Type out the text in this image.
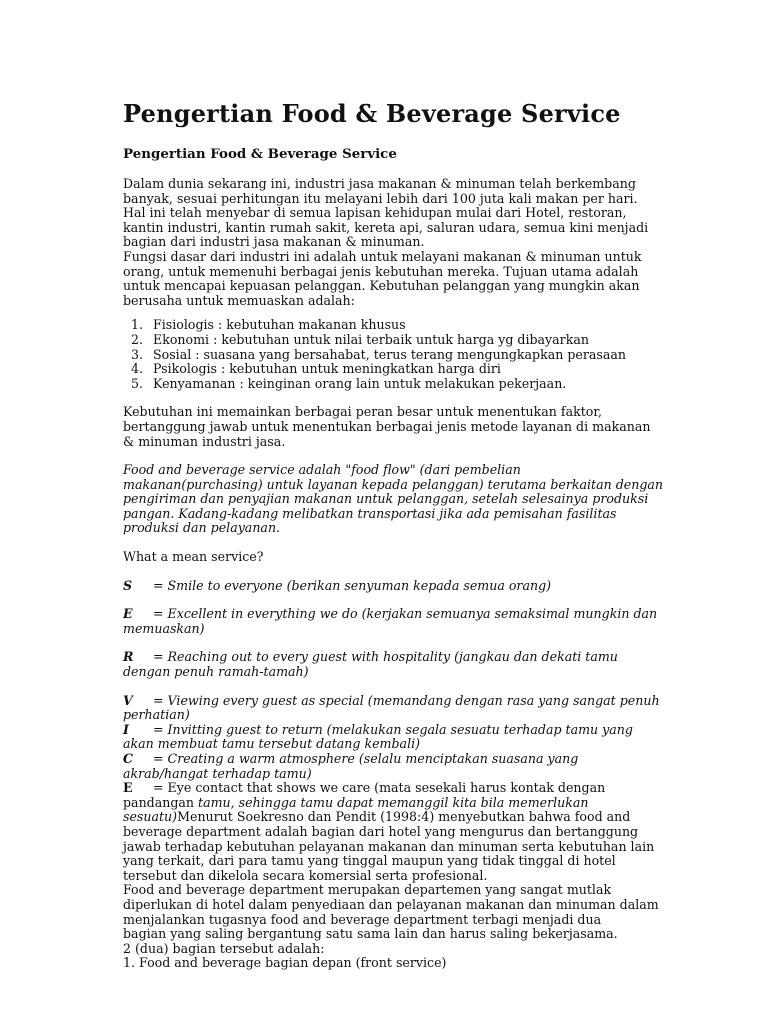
Pengertian Food & Beverage Service
Pengertian Food & Beverage Service

Dalam dunia sekarang ini, industri jasa makanan & minuman telah berkembang banyak, sesuai perhitungan itu melayani lebih dari 100 juta kali makan per hari. Hal ini telah menyebar di semua lapisan kehidupan mulai dari Hotel, restoran, kantin industri, kantin rumah sakit, kereta api, saluran udara, semua kini menjadi bagian dari industri jasa makanan & minuman.

Fungsi dasar dari industri ini adalah untuk melayani makanan & minuman untuk orang, untuk memenuhi berbagai jenis kebutuhan mereka. Tujuan utama adalah untuk mencapai kepuasan pelanggan. Kebutuhan pelanggan yang mungkin akan berusaha untuk memuaskan adalah:

1. Fisiologis : kebutuhan makanan khusus
2. Ekonomi : kebutuhan untuk nilai terbaik untuk harga yg dibayarkan
3. Sosial : suasana yang bersahabat, terus terang mengungkapkan perasaan
4. Psikologis : kebutuhan untuk meningkatkan harga diri
5. Kenyamanan : keinginan orang lain untuk melakukan pekerjaan.

Kebutuhan ini memainkan berbagai peran besar untuk menentukan faktor, bertanggung jawab untuk menentukan berbagai jenis metode layanan di makanan & minuman industri jasa.

Food and beverage service adalah "food flow" (dari pembelian makanan(purchasing) untuk layanan kepada pelanggan) terutama berkaitan dengan pengiriman dan penyajian makanan untuk pelanggan, setelah selesainya produksi pangan. Kadang-kadang melibatkan transportasi jika ada pemisahan fasilitas produksi dan pelayanan.

What a mean service?

S = Smile to everyone (berikan senyuman kepada semua orang)

E = Excellent in everything we do (kerjakan semuanya semaksimal mungkin dan memuaskan)

R = Reaching out to every guest with hospitality (jangkau dan dekati tamu dengan penuh ramah-tamah)

V = Viewing every guest as special (memandang dengan rasa yang sangat penuh perhatian)

I = Invitting guest to return (melakukan segala sesuatu terhadap tamu yang akan membuat tamu tersebut datang kembali)

C = Creating a warm atmosphere (selalu menciptakan suasana yang akrab/hangat terhadap tamu)

E = Eye contact that shows we care (mata sesekali harus kontak dengan pandangan tamu, sehingga tamu dapat memanggil kita bila memerlukan sesuatu)Menurut Soekresno dan Pendit (1998:4) menyebutkan bahwa food and beverage department adalah bagian dari hotel yang mengurus dan bertanggung jawab terhadap kebutuhan pelayanan makanan dan minuman serta kebutuhan lain yang terkait, dari para tamu yang tinggal maupun yang tidak tinggal di hotel tersebut dan dikelola secara komersial serta profesional.

Food and beverage department merupakan departemen yang sangat mutlak diperlukan di hotel dalam penyediaan dan pelayanan makanan dan minuman dalam menjalankan tugasnya food and beverage department terbagi menjadi dua

bagian yang saling bergantung satu sama lain dan harus saling bekerjasama.

2 (dua) bagian tersebut adalah:

1. Food and beverage bagian depan (front service)
